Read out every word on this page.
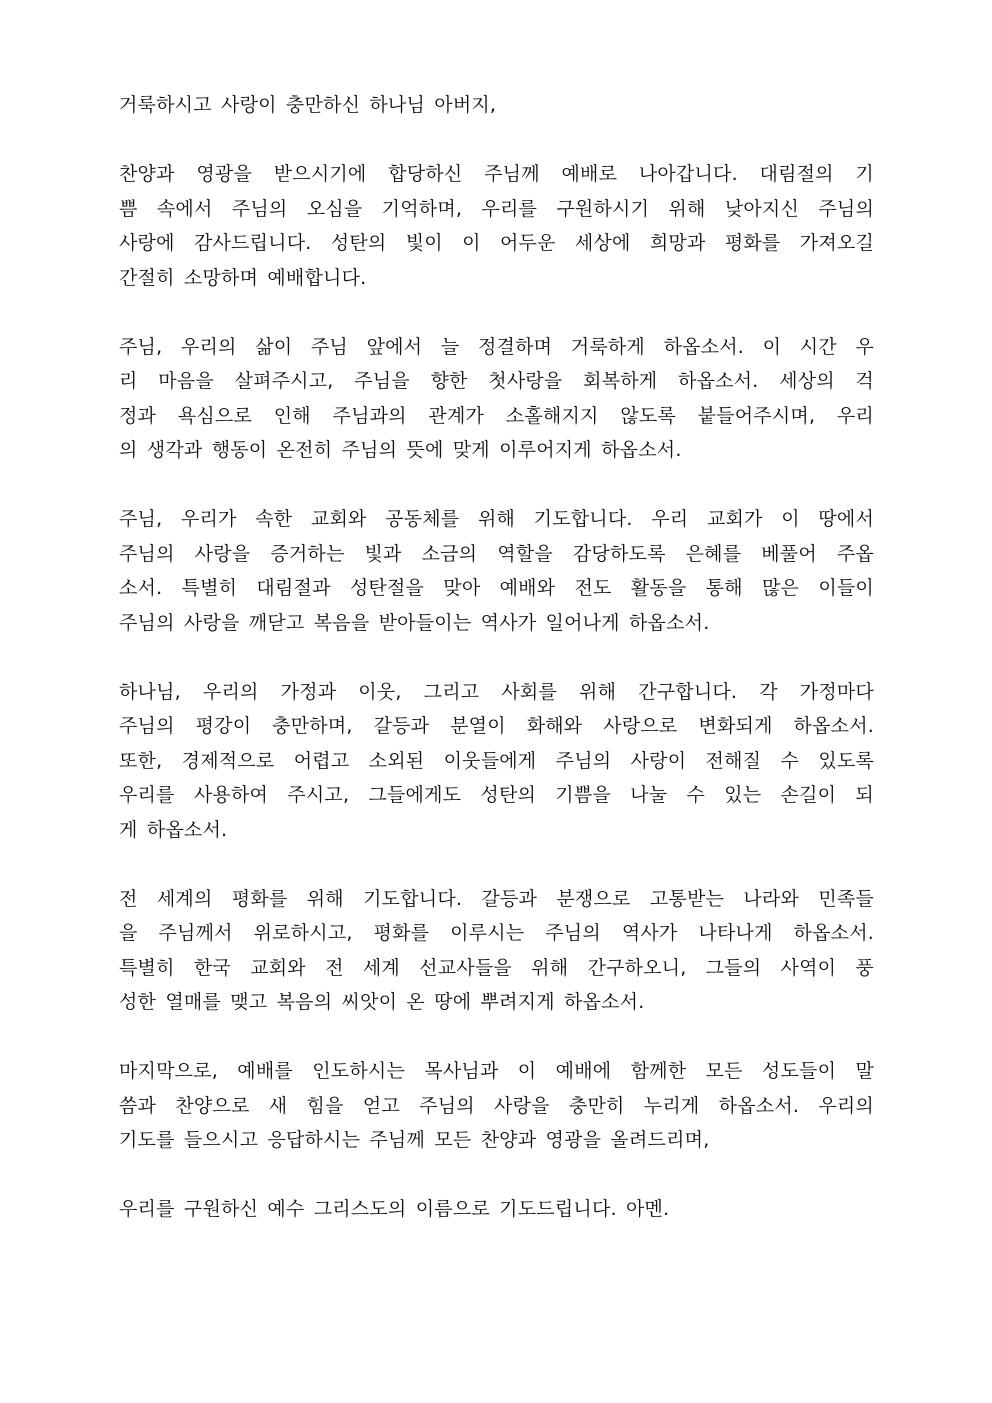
거룩하시고 사랑이 충만하신 하나님 아버지,

찬양과 영광을 받으시기에 합당하신 주님께 예배로 나아갑니다. 대림절의 기
쁨 속에서 주님의 오심을 기억하며, 우리를 구원하시기 위해 낮아지신 주님의
사랑에 감사드립니다. 성탄의 빛이 이 어두운 세상에 희망과 평화를 가져오길
간절히 소망하며 예배합니다.

주님, 우리의 삶이 주님 앞에서 늘 정결하며 거룩하게 하옵소서. 이 시간 우
리 마음을 살펴주시고, 주님을 향한 첫사랑을 회복하게 하옵소서. 세상의 걱
정과 욕심으로 인해 주님과의 관계가 소홀해지지 않도록 붙들어주시며, 우리
의 생각과 행동이 온전히 주님의 뜻에 맞게 이루어지게 하옵소서.

주님, 우리가 속한 교회와 공동체를 위해 기도합니다. 우리 교회가 이 땅에서
주님의 사랑을 증거하는 빛과 소금의 역할을 감당하도록 은혜를 베풀어 주옵
소서. 특별히 대림절과 성탄절을 맞아 예배와 전도 활동을 통해 많은 이들이
주님의 사랑을 깨닫고 복음을 받아들이는 역사가 일어나게 하옵소서.

하나님, 우리의 가정과 이웃, 그리고 사회를 위해 간구합니다. 각 가정마다
주님의 평강이 충만하며, 갈등과 분열이 화해와 사랑으로 변화되게 하옵소서.
또한, 경제적으로 어렵고 소외된 이웃들에게 주님의 사랑이 전해질 수 있도록
우리를 사용하여 주시고, 그들에게도 성탄의 기쁨을 나눌 수 있는 손길이 되
게 하옵소서.

전 세계의 평화를 위해 기도합니다. 갈등과 분쟁으로 고통받는 나라와 민족들
을 주님께서 위로하시고, 평화를 이루시는 주님의 역사가 나타나게 하옵소서.
특별히 한국 교회와 전 세계 선교사들을 위해 간구하오니, 그들의 사역이 풍
성한 열매를 맺고 복음의 씨앗이 온 땅에 뿌려지게 하옵소서.

마지막으로, 예배를 인도하시는 목사님과 이 예배에 함께한 모든 성도들이 말
씀과 찬양으로 새 힘을 얻고 주님의 사랑을 충만히 누리게 하옵소서. 우리의
기도를 들으시고 응답하시는 주님께 모든 찬양과 영광을 올려드리며,

우리를 구원하신 예수 그리스도의 이름으로 기도드립니다. 아멘.
